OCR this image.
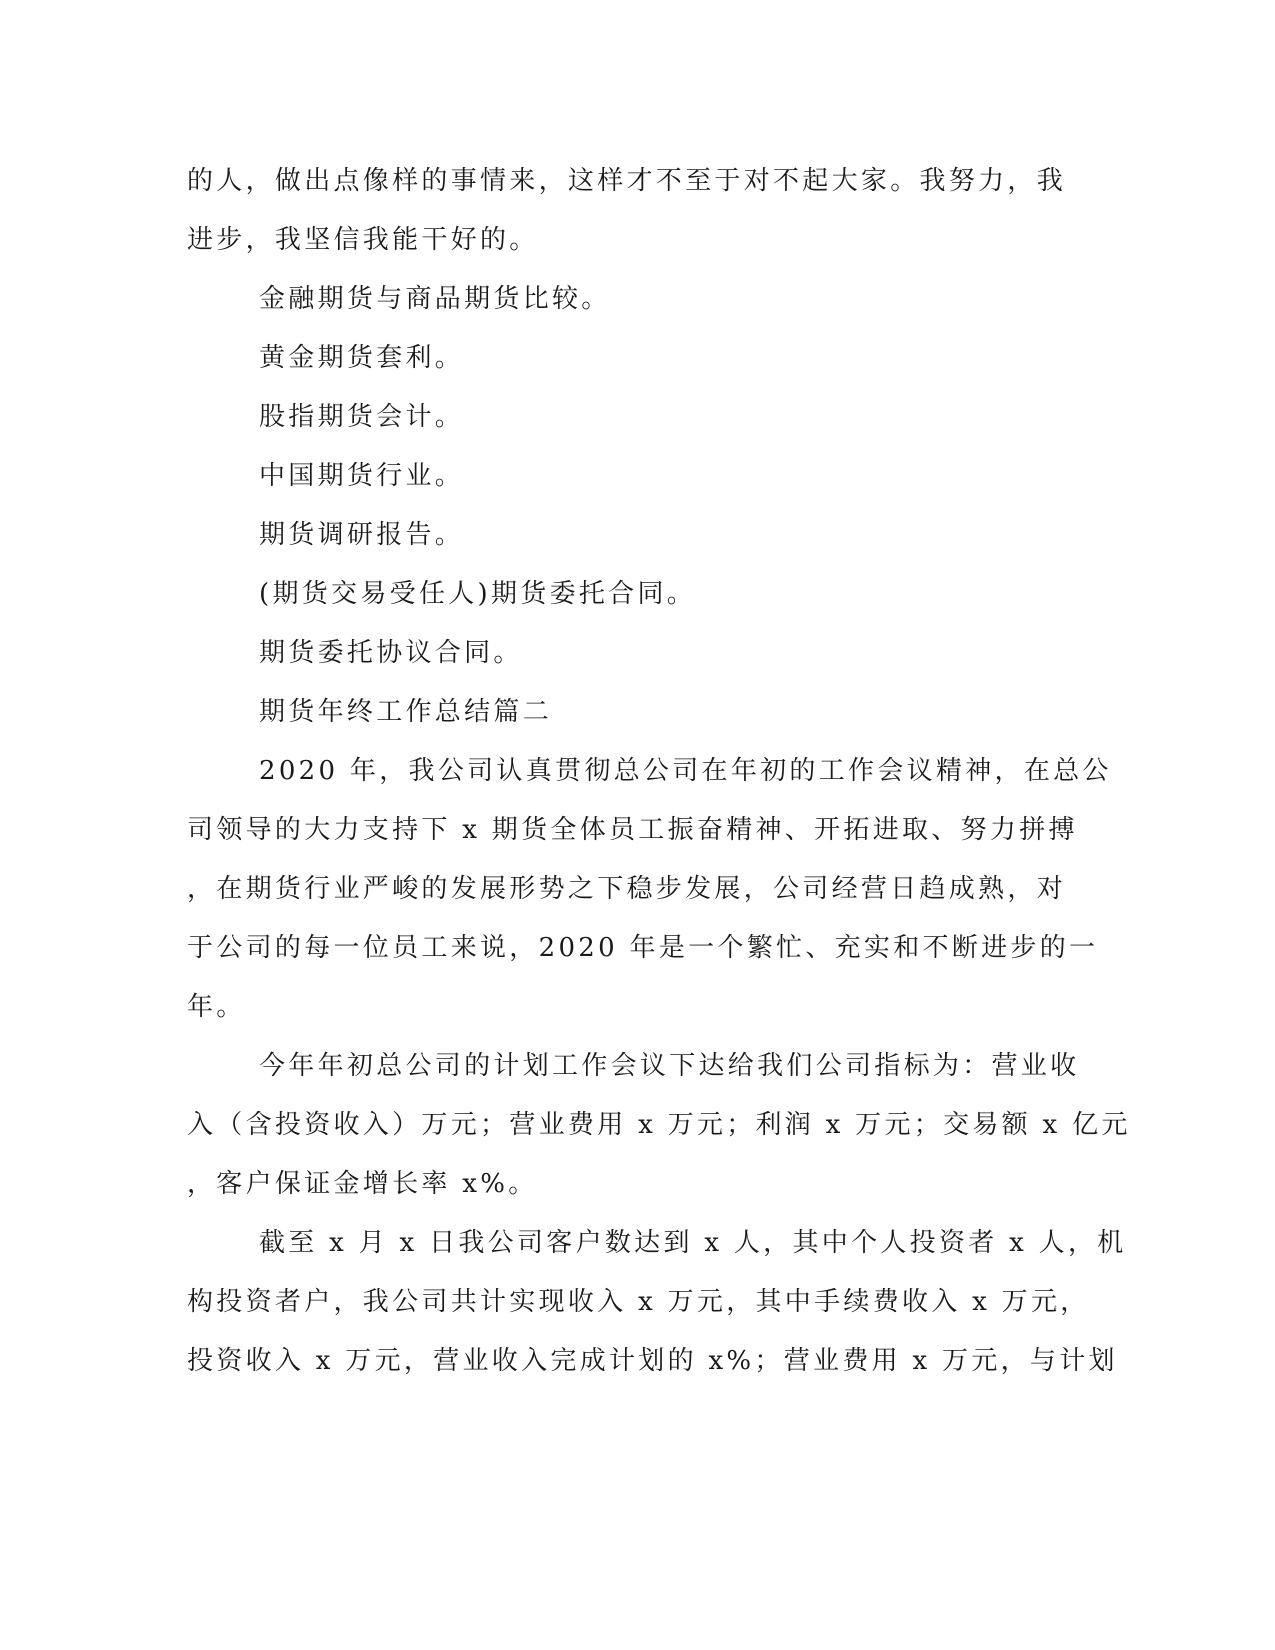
的人，做出点像样的事情来，这样才不至于对不起大家。我努力，我
进步，我坚信我能干好的。
金融期货与商品期货比较。
黄金期货套利。
股指期货会计。
中国期货行业。
期货调研报告。
(期货交易受任人)期货委托合同。
期货委托协议合同。
期货年终工作总结篇二
2020 年，我公司认真贯彻总公司在年初的工作会议精神，在总公
司领导的大力支持下 x 期货全体员工振奋精神、开拓进取、努力拼搏
，在期货行业严峻的发展形势之下稳步发展，公司经营日趋成熟，对
于公司的每一位员工来说，2020 年是一个繁忙、充实和不断进步的一
年。
今年年初总公司的计划工作会议下达给我们公司指标为：营业收
入（含投资收入）万元；营业费用 x 万元；利润 x 万元；交易额 x 亿元
，客户保证金增长率 x%。
截至 x 月 x 日我公司客户数达到 x 人，其中个人投资者 x 人，机
构投资者户，我公司共计实现收入 x 万元，其中手续费收入 x 万元，
投资收入 x 万元，营业收入完成计划的 x%；营业费用 x 万元，与计划
